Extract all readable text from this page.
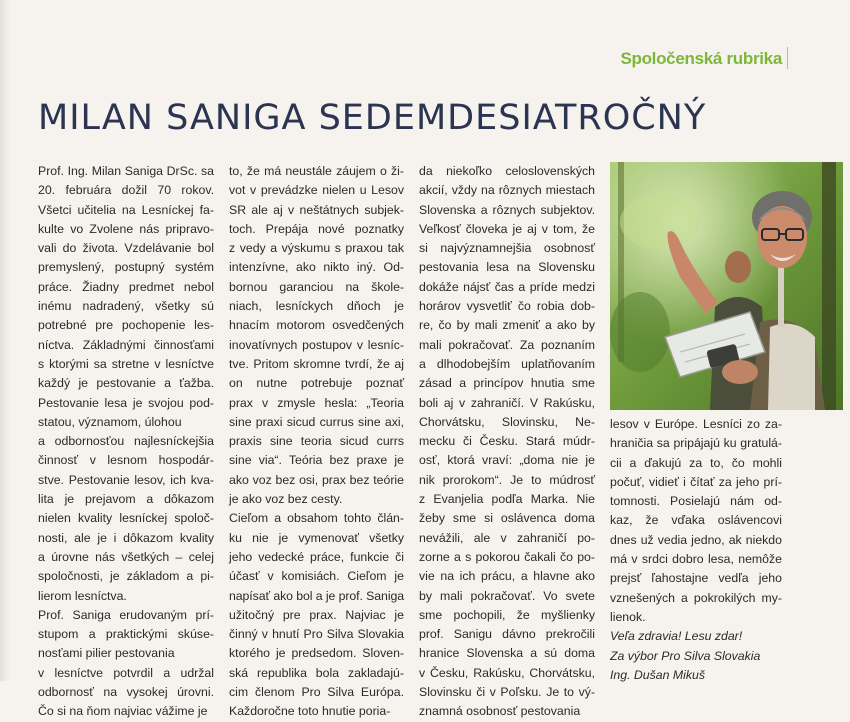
Spoločenská rubrika
MILAN SANIGA SEDEMDESIATROČNÝ
Prof. Ing. Milan Saniga DrSc. sa
20. februára dožil 70 rokov.
Všetci učitelia na Lesníckej fa-
kulte vo Zvolene nás pripravo-
vali do života. Vzdelávanie bol
premyslený, postupný systém
práce. Žiadny predmet nebol
inému nadradený, všetky sú
potrebné pre pochopenie les-
níctva. Základnými činnosťami
s ktorými sa stretne v lesníctve
každý je pestovanie a ťažba.
Pestovanie lesa je svojou pod-
statou, významom, úlohou
a odbornosťou najlesníckejšia
činnosť v lesnom hospodár-
stve. Pestovanie lesov, ich kva-
lita je prejavom a dôkazom
nielen kvality lesníckej spoloč-
nosti, ale je i dôkazom kvality
a úrovne nás všetkých – celej
spoločnosti, je základom a pi-
lierom lesníctva.
Prof. Saniga erudovaným prí-
stupom a praktickými skúse-
nosťami pilier pestovania
v lesníctve potvrdil a udržal
odbornosť na vysokej úrovni.
Čo si na ňom najviac vážime je
to, že má neustále záujem o ži-
vot v prevádzke nielen u Lesov
SR ale aj v neštátnych subjek-
toch. Prepája nové poznatky
z vedy a výskumu s praxou tak
intenzívne, ako nikto iný. Od-
bornou garanciou na škole-
niach, lesníckych dňoch je
hnacím motorom osvedčených
inovatívnych postupov v lesníc-
tve. Pritom skromne tvrdí, že aj
on nutne potrebuje poznať
prax v zmysle hesla: „Teoria
sine praxi sicud currus sine axi,
praxis sine teoria sicud currs
sine via“. Teória bez praxe je
ako voz bez osi, prax bez teórie
je ako voz bez cesty.
Cieľom a obsahom tohto člán-
ku nie je vymenovať všetky
jeho vedecké práce, funkcie či
účasť v komisiách. Cieľom je
napísať ako bol a je prof. Saniga
užitočný pre prax. Najviac je
činný v hnutí Pro Silva Slovakia
ktorého je predsedom. Sloven-
ská republika bola zakladajú-
cim členom Pro Silva Európa.
Každoročne toto hnutie poria-
da niekoľko celoslovenských
akcií, vždy na rôznych miestach
Slovenska a rôznych subjektov.
Veľkosť človeka je aj v tom, že
si najvýznamnejšia osobnosť
pestovania lesa na Slovensku
dokáže nájsť čas a príde medzi
horárov vysvetliť čo robia dob-
re, čo by mali zmeniť a ako by
mali pokračovať. Za poznaním
a dlhodobejším uplatňovaním
zásad a princípov hnutia sme
boli aj v zahraničí. V Rakúsku,
Chorvátsku, Slovinsku, Ne-
mecku či Česku. Stará múdr-
osť, ktorá vraví: „doma nie je
nik prorokom“. Je to múdrosť
z Evanjelia podľa Marka. Nie
žeby sme si oslávenca doma
nevážili, ale v zahraničí po-
zorne a s pokorou čakali čo po-
vie na ich prácu, a hlavne ako
by mali pokračovať. Vo svete
sme pochopili, že myšlienky
prof. Sanigu dávno prekročili
hranice Slovenska a sú doma
v Česku, Rakúsku, Chorvátsku,
Slovinsku či v Poľsku. Je to vý-
znamná osobnosť pestovania
lesov v Európe. Lesníci zo za-
hraničia sa pripájajú ku gratulá-
cii a ďakujú za to, čo mohli
počuť, vidieť i čítať za jeho prí-
tomnosti. Posielajú nám od-
kaz, že vďaka oslávencovi
dnes už vedia jedno, ak niekdo
má v srdci dobro lesa, nemôže
prejsť ľahostajne vedľa jeho
vznešených a pokrokilých my-
lienok.

Veľa zdravia! Lesu zdar!

Za výbor Pro Silva Slovakia

Ing. Dušan Mikuš
